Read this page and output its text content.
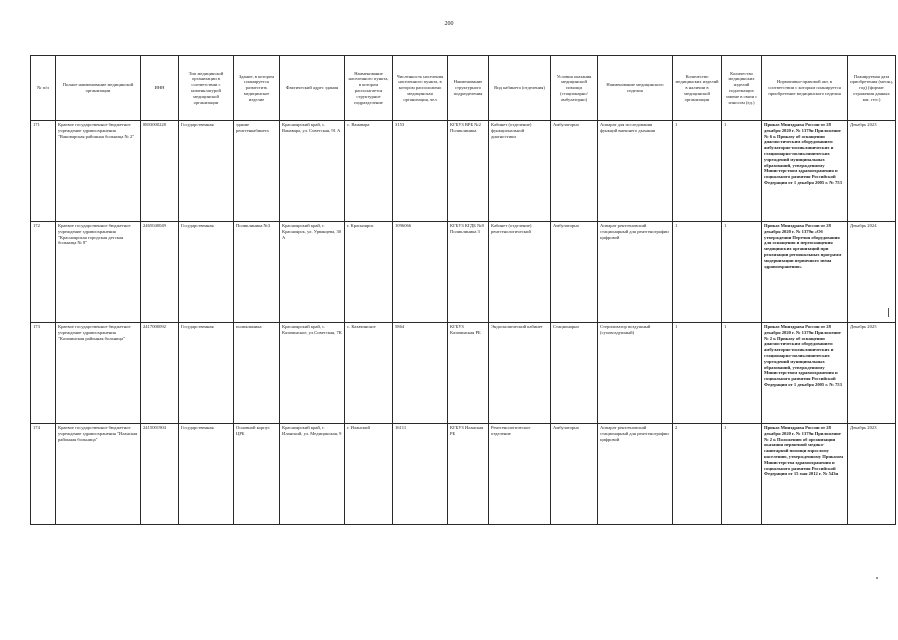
200
№ п/п	Полное наименование медицинской организации	ИНН	Тип медицинской организации в соответствии с номенклатурой медицинской организации	Здание, в котором планируется разместить медицинское изделие	Фактический адрес здания	Наименование населенного пункта, в котором располагается структурное подразделение	Численность населения населенного пункта, в котором расположено медицинская организация, чел	Наименование структурного подразделения	Вид кабинета (отделения)	Условия оказания медицинской помощи (стационарно/ амбулаторно)	Наименование медицинского изделия	Количество медицинских изделий в наличии в медицинской организации	Количество медицинских изделий подлежащих замене в связи с износом (ед.)	Нормативно-правовой акт, в соответствии с которым планируется приобретение медицинского изделия	Планируемая дата приобретения (месяц, год) (формат отражения данных мм. гггг.)
171	Краевое государственное бюджетное учреждение здравоохранения "Вановарская районная больница № 2"	8803000228	Государственная	здание рентгенкабинета	Красноярский край, с. Ванавара, ул. Советская, 91 А	с. Ванавара	3153	КГБУЗ ВРБ №2 Поликлиника	Кабинет (отделение) функциональной диагностики	Амбулаторно	Аппарат для исследования функций внешнего дыхания	1	1	Приказ Минздрава России от 28 декабря 2020 г. № 1379н Приложение № 6 к Приказу об оснащении диагностическим оборудованием амбулаторно-поликлинических и стационарно-поликлинических учреждений муниципальных образований, утвержденному Министерством здравоохранения и социального развития Российской Федерации от 1 декабря 2005 г. № 753	Декабрь 2023
172	Краевое государственное бюджетное учреждение здравоохранения "Красноярская городская детская больница № 8"	2465040049	Государственная	Поликлиника №3	Красноярский край, г. Красноярск, ул. Урванцева, 30 А	г. Красноярск	1096066	КГБУЗ КГДБ №8 Поликлиника 3	Кабинет (отделение) рентгенологический	Амбулаторно	Аппарат рентгеновский стационарный для рентгенографии цифровой	1	1	Приказ Минздрава России от 28 декабря 2020 г. № 1379н «Об утверждении Перечня оборудования для оснащения и переоснащения медицинских организаций при реализации региональных программ модернизации первичного звена здравоохранения»	Декабрь 2024
173	Краевое государственное бюджетное учреждение здравоохранения "Казачинская районная больница"	2417000092	Государственная	поликлиника	Красноярский край, с. Казачинское, ул.Советская, 7К	с. Казачинское	5864	КГБУЗ Казачинская РБ	Эндоскопический кабинет	Стационарно	Стерилизатор воздушный (суховоздушный)	1	1	Приказ Минздрава России от 28 декабря 2020 г. № 1379н Приложение № 2 к Приказу об оснащении диагностическим оборудованием амбулаторно-поликлинических и стационарно-поликлинических учреждений муниципальных образований, утвержденному Министерством здравоохранения и социального развития Российской Федерации от 1 декабря 2005 г. № 753	Декабрь 2025
174	Краевое государственное бюджетное учреждение здравоохранения "Иланская районная больница"	2415001904	Государственная	Основной корпус ЦРБ	Красноярский край, г. Иланский, ул. Медицинская, 9	г. Иланский	16111	КГБУЗ Иланская РБ	Рентгенологическое отделение	Амбулаторно	Аппарат рентгеновский стационарный для рентгенографии цифровой	2	1	Приказ Минздрава России от 28 декабря 2020 г. № 1379н Приложение № 2 к Положению об организации оказания первичной медико-санитарной помощи взрослому населению, утвержденному Приказом Министерства здравоохранения и социального развития Российской Федерации от 15 мая 2012 г. № 543н	Декабрь 2023
